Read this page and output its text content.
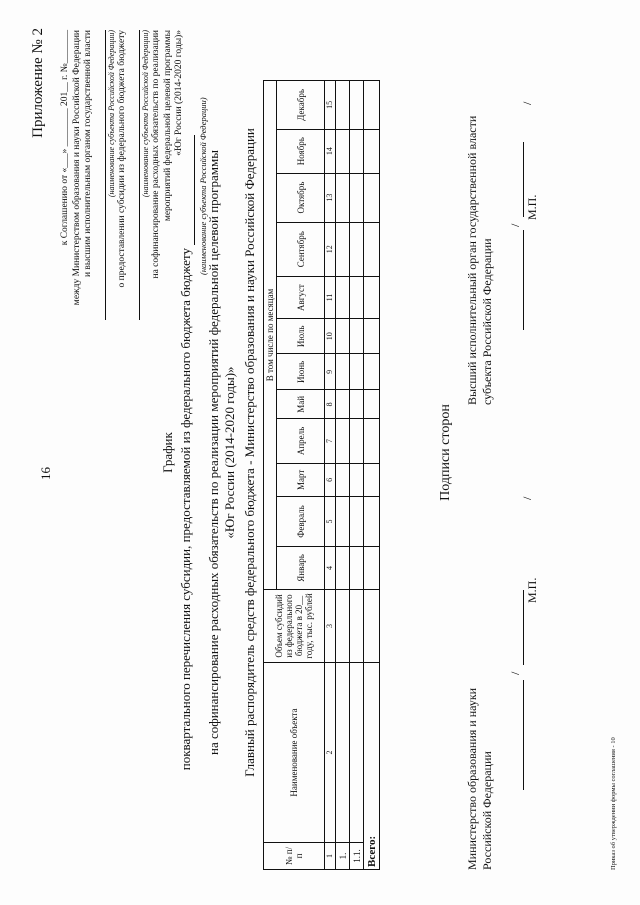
16
Приложение № 2 к Соглашению от «___» ________ 201__ г. №_______ между Министерством образования и науки Российской Федерации и высшим исполнительным органом государственной власти (наименование субъекта Российской Федерации) о предоставлении субсидии из федерального бюджета бюджету (наименование субъекта Российской Федерации) на софинансирование расходных обязательств по реализации мероприятий федеральной целевой программы «Юг России (2014-2020 годы)»
График поквартального перечисления субсидии, предоставляемой из федерального бюджета бюджету
(наименование субъекта Российской Федерации)
на софинансирование расходных обязательств по реализации мероприятий федеральной целевой программы «Юг России (2014-2020 годы)» Главный распорядитель средств федерального бюджета - Министерство образования и науки Российской Федерации
№ п/п	Наименование объекта	Объем субсидий из федерального бюджета в 20__ году, тыс. рублей	В том числе по месяцам											
			Январь	Февраль	Март	Апрель	Май	Июнь	Июль	Август	Сентябрь	Октябрь	Ноябрь	Декабрь
1	2	3	4	5	6	7	8	9	10	11	12	13	14	15
1.														
1.1.														
Всего:														
Подписи сторон
Министерство образования и науки Российской Федерации
/
М.П.
/
Высший исполнительный орган государственной власти субъекта Российской Федерации
/
М.П.
/
Приказ об утверждении формы соглашения - 10
